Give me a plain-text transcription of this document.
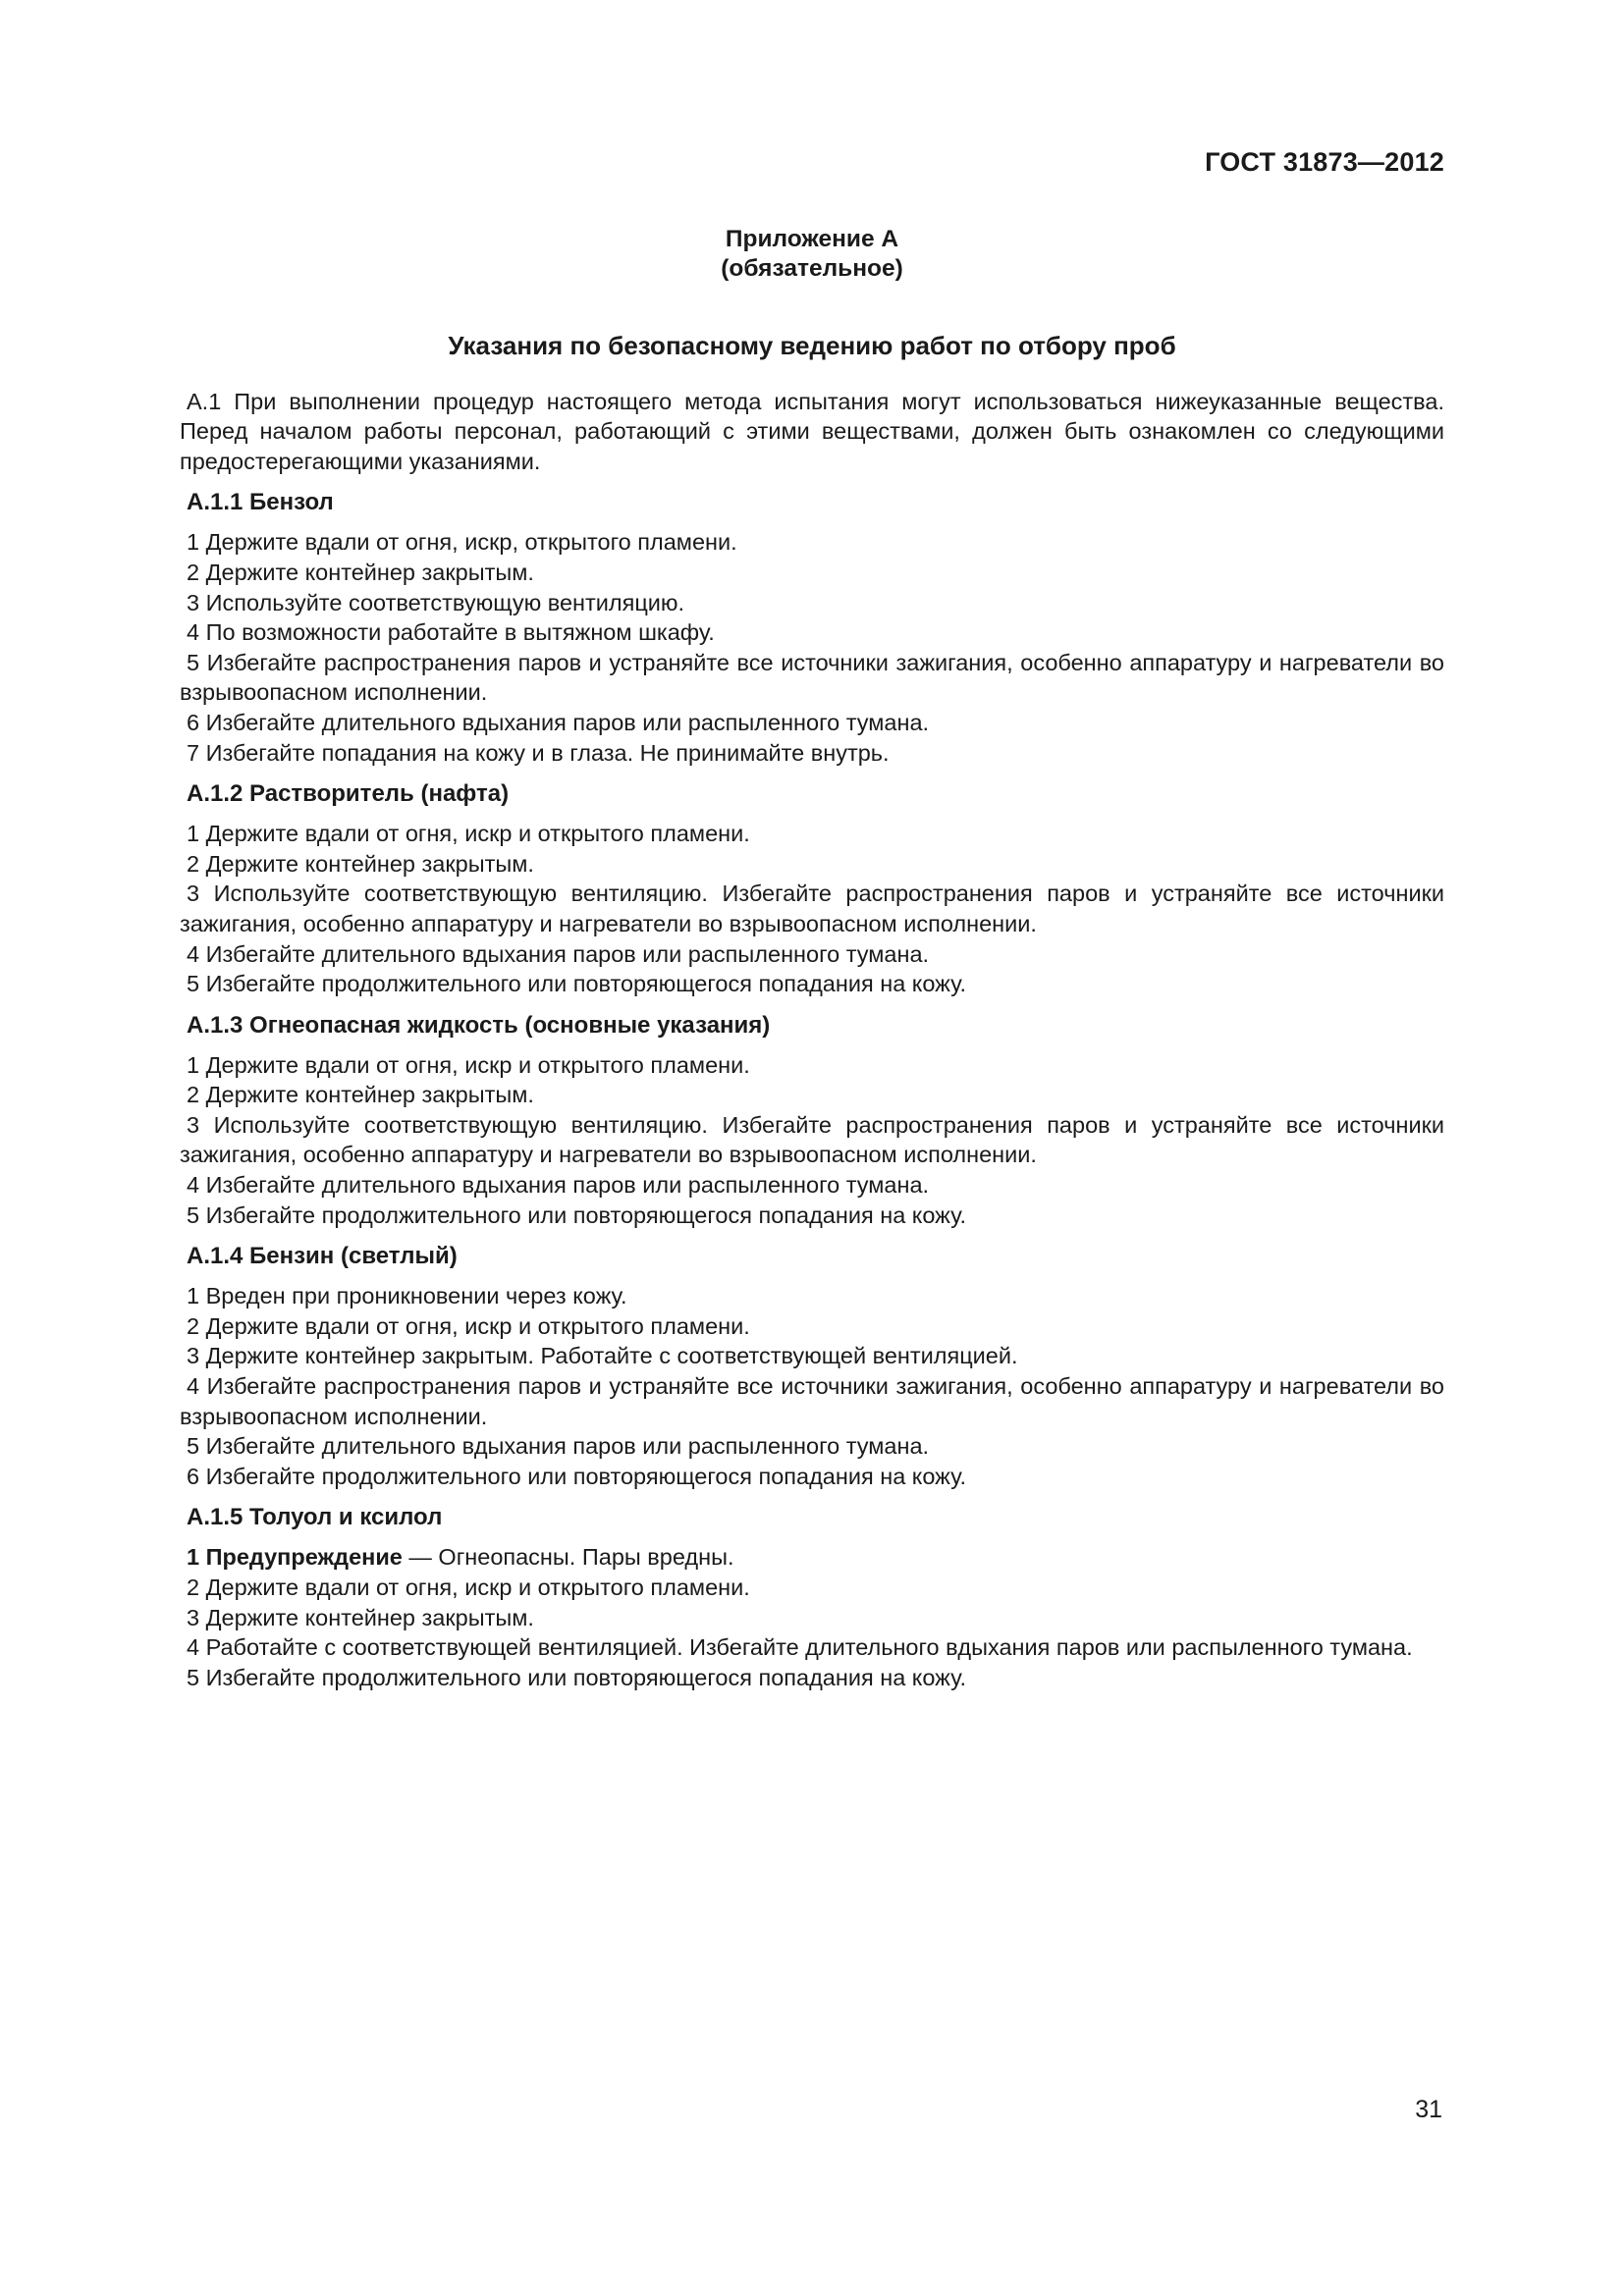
ГОСТ 31873—2012
Приложение А
(обязательное)
Указания по безопасному ведению работ по отбору проб

А.1 При выполнении процедур настоящего метода испытания могут использоваться нижеуказанные вещества. Перед началом работы персонал, работающий с этими веществами, должен быть ознакомлен со следующими предостерегающими указаниями.

А.1.1 Бензол

1 Держите вдали от огня, искр, открытого пламени.

2 Держите контейнер закрытым.

3 Используйте соответствующую вентиляцию.

4 По возможности работайте в вытяжном шкафу.

5 Избегайте распространения паров и устраняйте все источники зажигания, особенно аппаратуру и нагреватели во взрывоопасном исполнении.

6 Избегайте длительного вдыхания паров или распыленного тумана.

7 Избегайте попадания на кожу и в глаза. Не принимайте внутрь.

А.1.2 Растворитель (нафта)

1 Держите вдали от огня, искр и открытого пламени.

2 Держите контейнер закрытым.

3 Используйте соответствующую вентиляцию. Избегайте распространения паров и устраняйте все источники зажигания, особенно аппаратуру и нагреватели во взрывоопасном исполнении.

4 Избегайте длительного вдыхания паров или распыленного тумана.

5 Избегайте продолжительного или повторяющегося попадания на кожу.

А.1.3 Огнеопасная жидкость (основные указания)

1 Держите вдали от огня, искр и открытого пламени.

2 Держите контейнер закрытым.

3 Используйте соответствующую вентиляцию. Избегайте распространения паров и устраняйте все источники зажигания, особенно аппаратуру и нагреватели во взрывоопасном исполнении.

4 Избегайте длительного вдыхания паров или распыленного тумана.

5 Избегайте продолжительного или повторяющегося попадания на кожу.

А.1.4 Бензин (светлый)

1 Вреден при проникновении через кожу.

2 Держите вдали от огня, искр и открытого пламени.

3 Держите контейнер закрытым. Работайте с соответствующей вентиляцией.

4 Избегайте распространения паров и устраняйте все источники зажигания, особенно аппаратуру и нагреватели во взрывоопасном исполнении.

5 Избегайте длительного вдыхания паров или распыленного тумана.

6 Избегайте продолжительного или повторяющегося попадания на кожу.

А.1.5 Толуол и ксилол

1 Предупреждение — Огнеопасны. Пары вредны.

2 Держите вдали от огня, искр и открытого пламени.

3 Держите контейнер закрытым.

4 Работайте с соответствующей вентиляцией. Избегайте длительного вдыхания паров или распыленного тумана.

5 Избегайте продолжительного или повторяющегося попадания на кожу.

31
